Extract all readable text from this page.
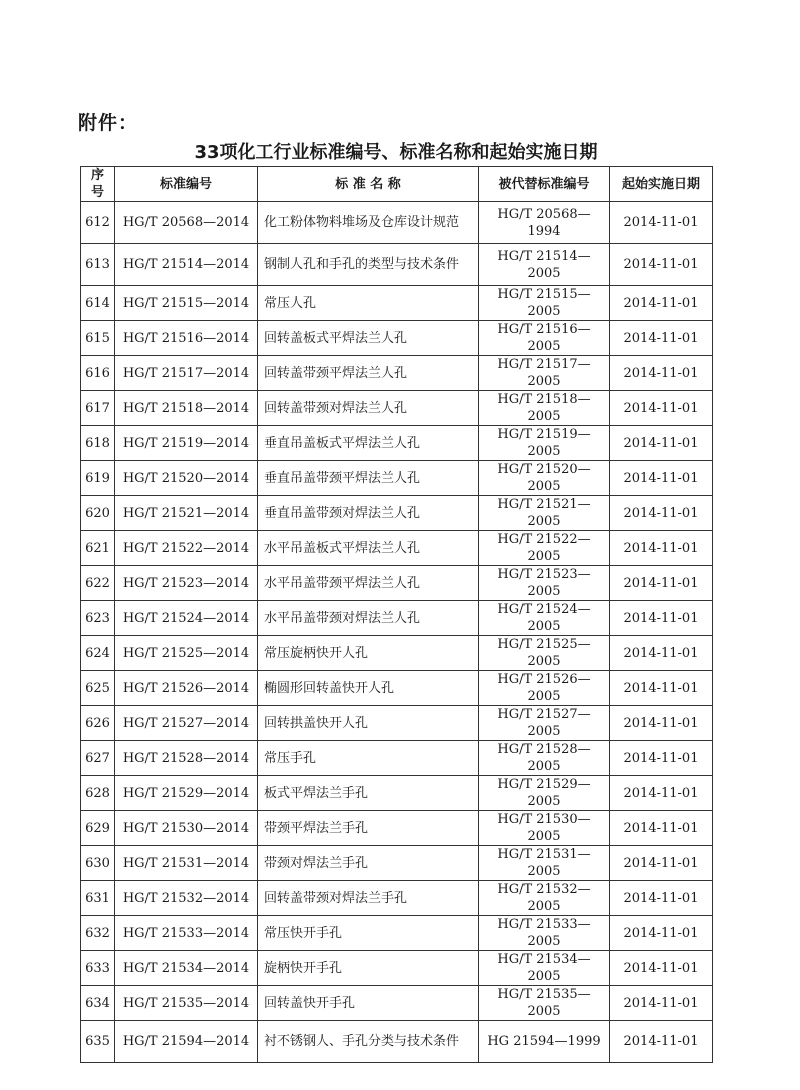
附件：
33项化工行业标准编号、标准名称和起始实施日期
序号	标准编号	标 准 名 称	被代替标准编号	起始实施日期
612	HG/T 20568—2014	化工粉体物料堆场及仓库设计规范	HG/T 20568—1994	2014-11-01
613	HG/T 21514—2014	钢制人孔和手孔的类型与技术条件	HG/T 21514—2005	2014-11-01
614	HG/T 21515—2014	常压人孔	HG/T 21515—2005	2014-11-01
615	HG/T 21516—2014	回转盖板式平焊法兰人孔	HG/T 21516—2005	2014-11-01
616	HG/T 21517—2014	回转盖带颈平焊法兰人孔	HG/T 21517—2005	2014-11-01
617	HG/T 21518—2014	回转盖带颈对焊法兰人孔	HG/T 21518—2005	2014-11-01
618	HG/T 21519—2014	垂直吊盖板式平焊法兰人孔	HG/T 21519—2005	2014-11-01
619	HG/T 21520—2014	垂直吊盖带颈平焊法兰人孔	HG/T 21520—2005	2014-11-01
620	HG/T 21521—2014	垂直吊盖带颈对焊法兰人孔	HG/T 21521—2005	2014-11-01
621	HG/T 21522—2014	水平吊盖板式平焊法兰人孔	HG/T 21522—2005	2014-11-01
622	HG/T 21523—2014	水平吊盖带颈平焊法兰人孔	HG/T 21523—2005	2014-11-01
623	HG/T 21524—2014	水平吊盖带颈对焊法兰人孔	HG/T 21524—2005	2014-11-01
624	HG/T 21525—2014	常压旋柄快开人孔	HG/T 21525—2005	2014-11-01
625	HG/T 21526—2014	椭圆形回转盖快开人孔	HG/T 21526—2005	2014-11-01
626	HG/T 21527—2014	回转拱盖快开人孔	HG/T 21527—2005	2014-11-01
627	HG/T 21528—2014	常压手孔	HG/T 21528—2005	2014-11-01
628	HG/T 21529—2014	板式平焊法兰手孔	HG/T 21529—2005	2014-11-01
629	HG/T 21530—2014	带颈平焊法兰手孔	HG/T 21530—2005	2014-11-01
630	HG/T 21531—2014	带颈对焊法兰手孔	HG/T 21531—2005	2014-11-01
631	HG/T 21532—2014	回转盖带颈对焊法兰手孔	HG/T 21532—2005	2014-11-01
632	HG/T 21533—2014	常压快开手孔	HG/T 21533—2005	2014-11-01
633	HG/T 21534—2014	旋柄快开手孔	HG/T 21534—2005	2014-11-01
634	HG/T 21535—2014	回转盖快开手孔	HG/T 21535—2005	2014-11-01
635	HG/T 21594—2014	衬不锈钢人、手孔分类与技术条件	HG 21594—1999	2014-11-01
